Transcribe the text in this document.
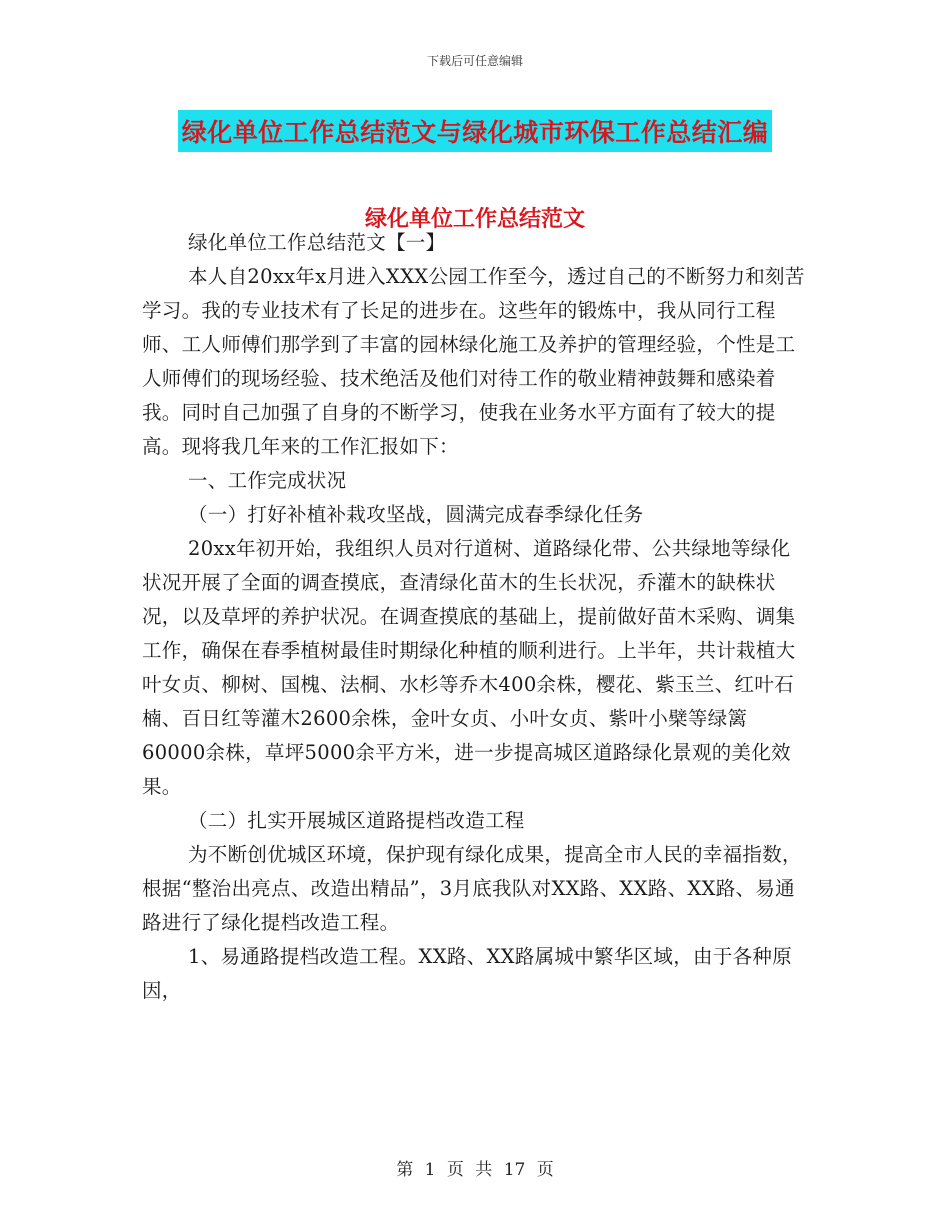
下载后可任意编辑
绿化单位工作总结范文与绿化城市环保工作总结汇编
绿化单位工作总结范文

绿化单位工作总结范文【一】

本人自20xx年x月进入XXX公园工作至今，透过自己的不断努力和刻苦学习。我的专业技术有了长足的进步在。这些年的锻炼中，我从同行工程师、工人师傅们那学到了丰富的园林绿化施工及养护的管理经验，个性是工人师傅们的现场经验、技术绝活及他们对待工作的敬业精神鼓舞和感染着我。同时自己加强了自身的不断学习，使我在业务水平方面有了较大的提高。现将我几年来的工作汇报如下：

一、工作完成状况

（一）打好补植补栽攻坚战，圆满完成春季绿化任务

20xx年初开始，我组织人员对行道树、道路绿化带、公共绿地等绿化状况开展了全面的调查摸底，查清绿化苗木的生长状况，乔灌木的缺株状况，以及草坪的养护状况。在调查摸底的基础上，提前做好苗木采购、调集工作，确保在春季植树最佳时期绿化种植的顺利进行。上半年，共计栽植大叶女贞、柳树、国槐、法桐、水杉等乔木400余株，樱花、紫玉兰、红叶石楠、百日红等灌木2600余株，金叶女贞、小叶女贞、紫叶小檗等绿篱60000余株，草坪5000余平方米，进一步提高城区道路绿化景观的美化效果。

（二）扎实开展城区道路提档改造工程

为不断创优城区环境，保护现有绿化成果，提高全市人民的幸福指数，根据“整治出亮点、改造出精品”，3月底我队对XX路、XX路、XX路、易通路进行了绿化提档改造工程。

1、易通路提档改造工程。XX路、XX路属城中繁华区域，由于各种原因，

第 1 页 共 17 页
